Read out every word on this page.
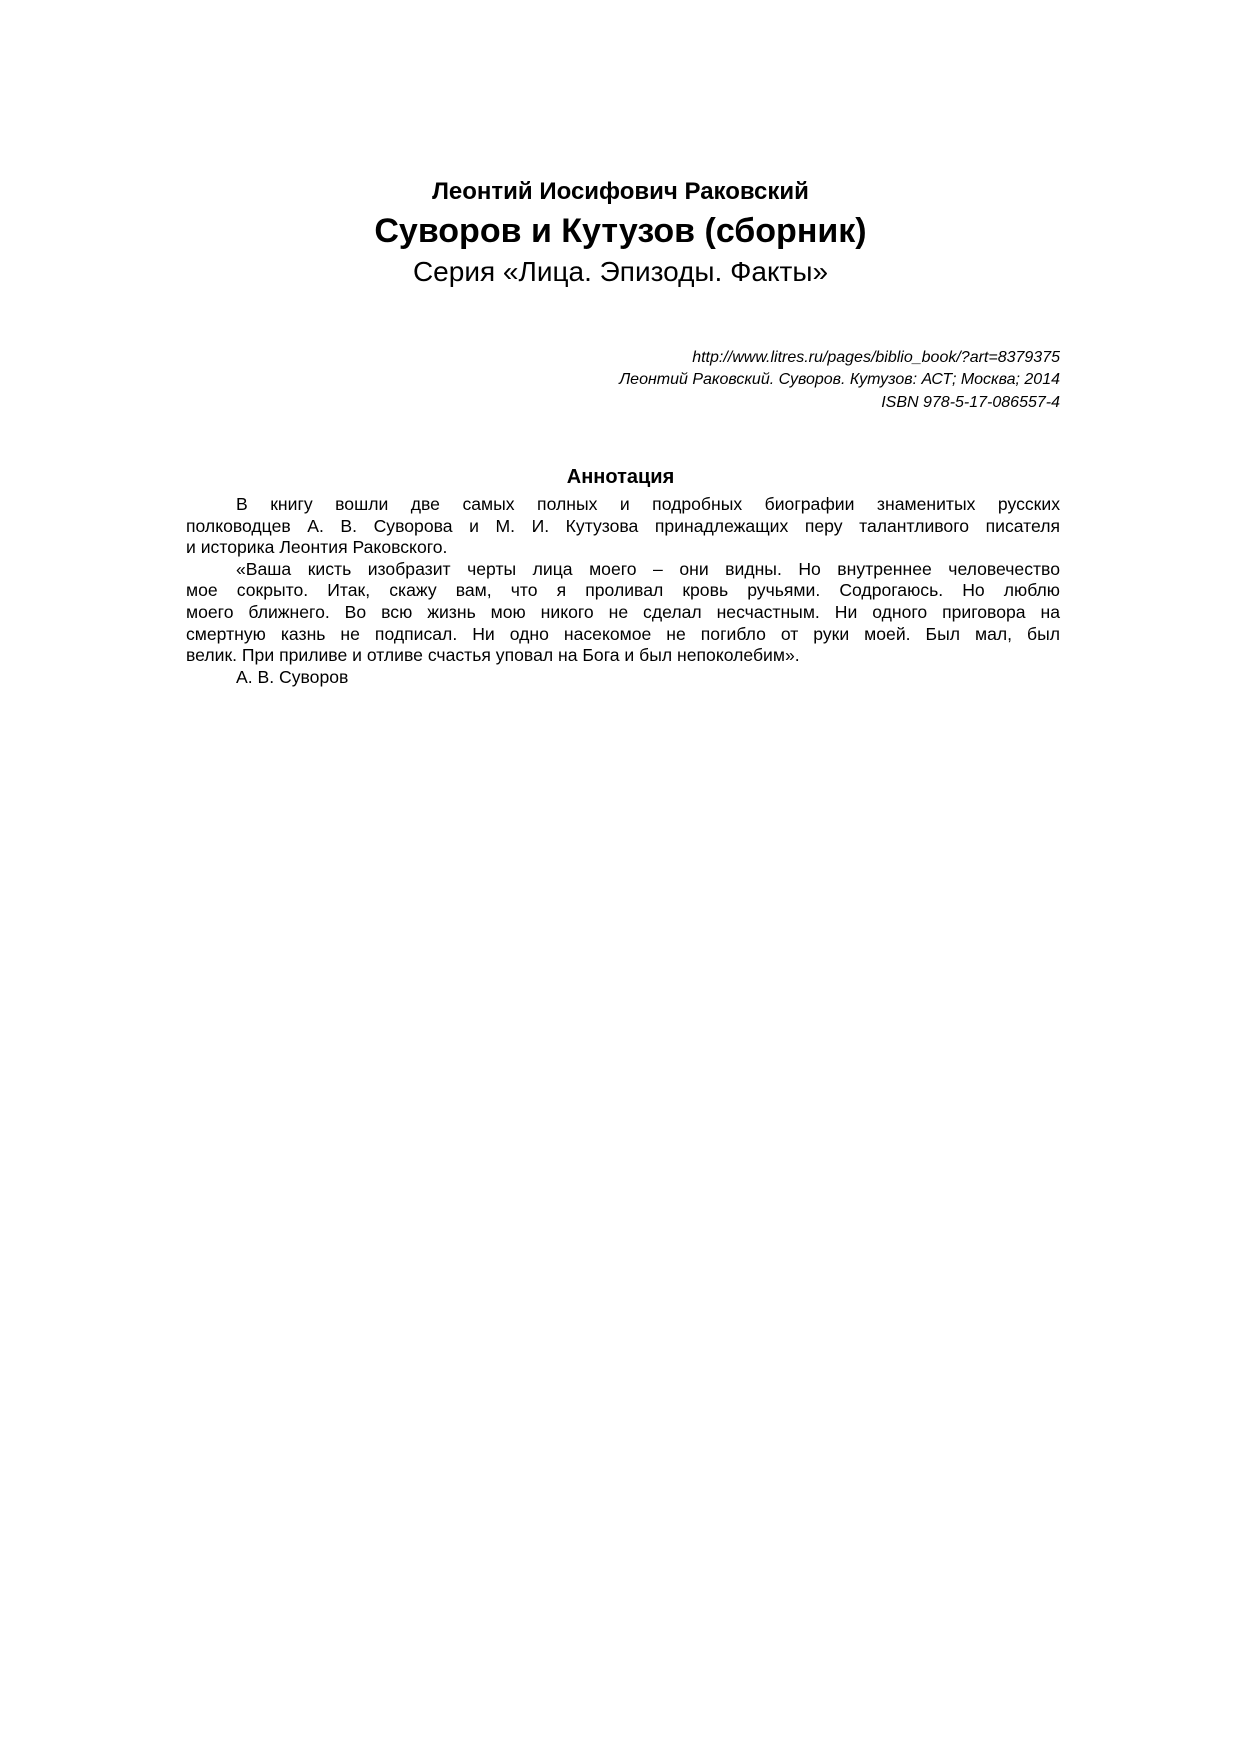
Леонтий Иосифович Раковский
Суворов и Кутузов (сборник)
Серия «Лица. Эпизоды. Факты»
http://www.litres.ru/pages/biblio_book/?art=8379375
Леонтий Раковский. Суворов. Кутузов: АСТ; Москва; 2014
ISBN 978-5-17-086557-4
Аннотация
В книгу вошли две самых полных и подробных биографии знаменитых русских
полководцев А. В. Суворова и М. И. Кутузова принадлежащих перу талантливого писателя
и историка Леонтия Раковского.
«Ваша кисть изобразит черты лица моего – они видны. Но внутреннее человечество
мое сокрыто. Итак, скажу вам, что я проливал кровь ручьями. Содрогаюсь. Но люблю
моего ближнего. Во всю жизнь мою никого не сделал несчастным. Ни одного приговора на
смертную казнь не подписал. Ни одно насекомое не погибло от руки моей. Был мал, был
велик. При приливе и отливе счастья уповал на Бога и был непоколебим».
А. В. Суворов
